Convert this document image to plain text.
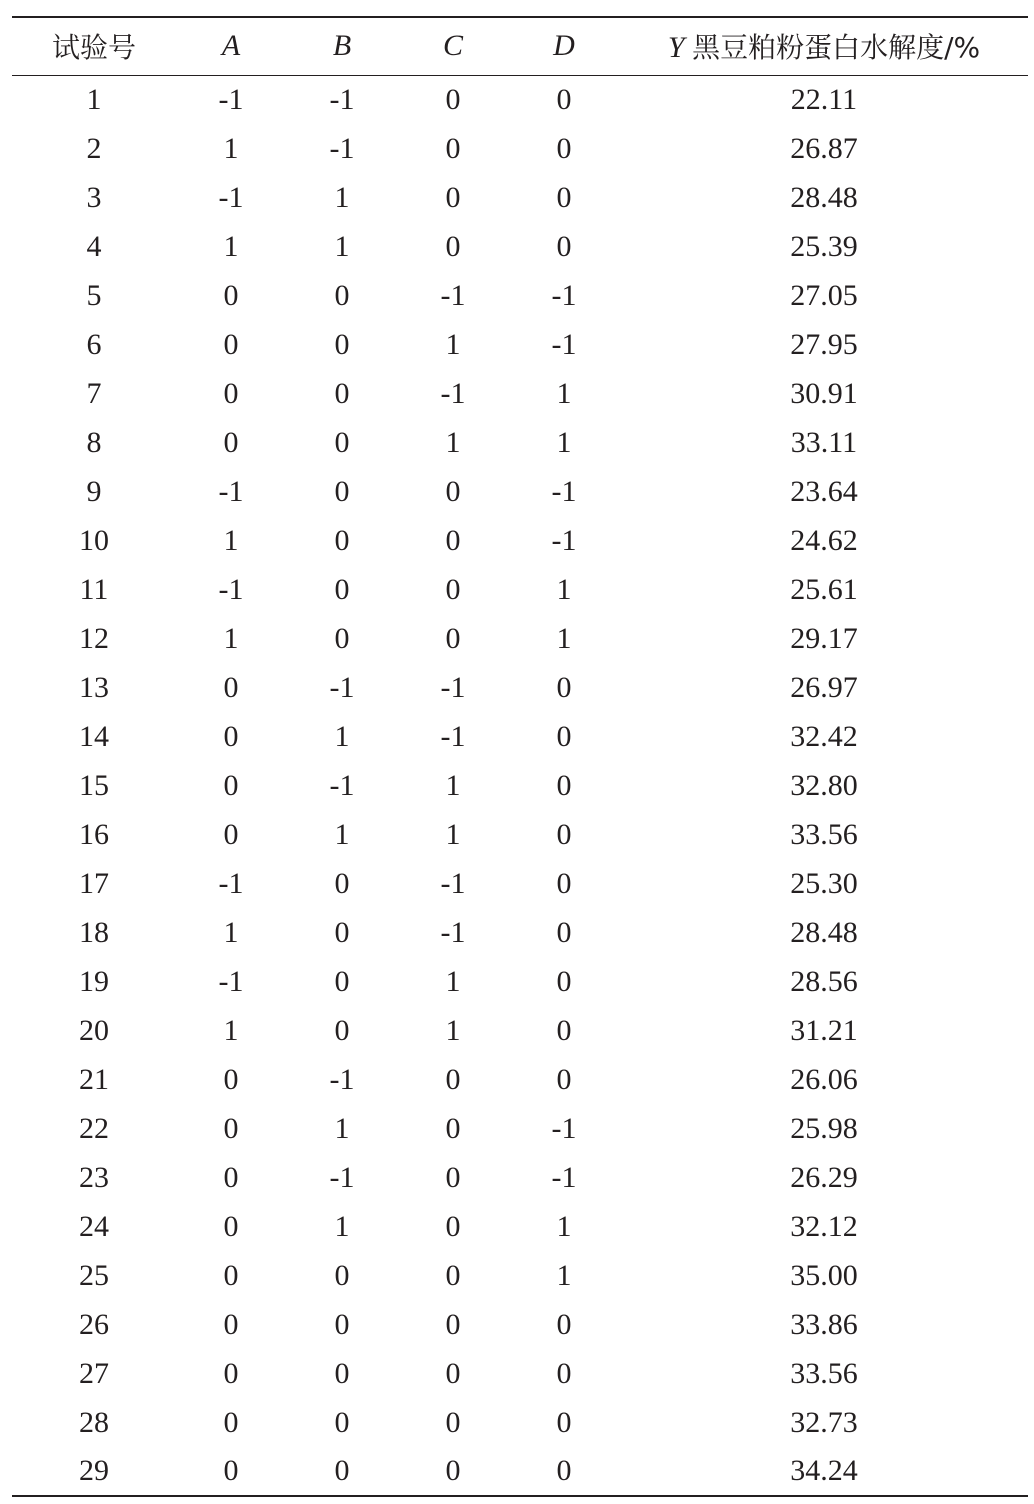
试验号	A	B	C	D	Y 黑豆粕粉蛋白水解度/%
1	-1	-1	0	0	22.11
2	1	-1	0	0	26.87
3	-1	1	0	0	28.48
4	1	1	0	0	25.39
5	0	0	-1	-1	27.05
6	0	0	1	-1	27.95
7	0	0	-1	1	30.91
8	0	0	1	1	33.11
9	-1	0	0	-1	23.64
10	1	0	0	-1	24.62
11	-1	0	0	1	25.61
12	1	0	0	1	29.17
13	0	-1	-1	0	26.97
14	0	1	-1	0	32.42
15	0	-1	1	0	32.80
16	0	1	1	0	33.56
17	-1	0	-1	0	25.30
18	1	0	-1	0	28.48
19	-1	0	1	0	28.56
20	1	0	1	0	31.21
21	0	-1	0	0	26.06
22	0	1	0	-1	25.98
23	0	-1	0	-1	26.29
24	0	1	0	1	32.12
25	0	0	0	1	35.00
26	0	0	0	0	33.86
27	0	0	0	0	33.56
28	0	0	0	0	32.73
29	0	0	0	0	34.24
